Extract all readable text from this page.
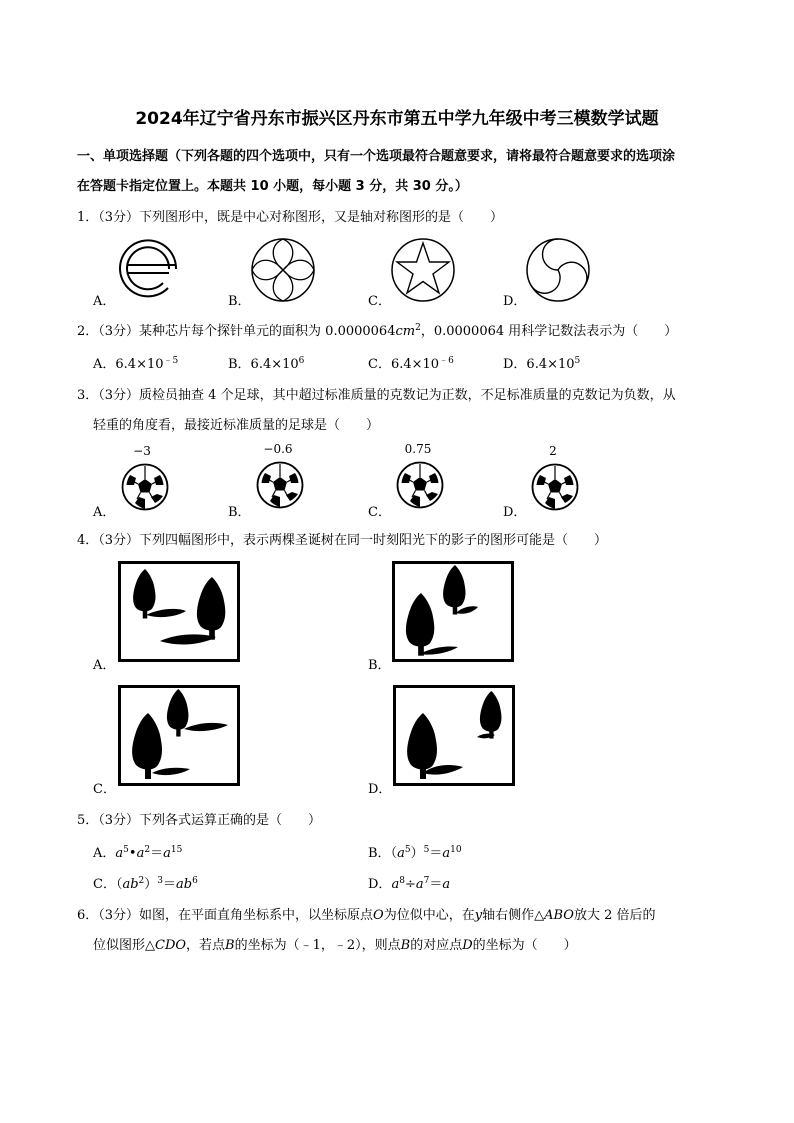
2024年辽宁省丹东市振兴区丹东市第五中学九年级中考三模数学试题
一、单项选择题（下列各题的四个选项中，只有一个选项最符合题意要求，请将最符合题意要求的选项涂
在答题卡指定位置上。本题共 10 小题，每小题 3 分，共 30 分。）
1．（3分）下列图形中，既是中心对称图形，又是轴对称图形的是（　　）
A．	B．	C．	D．
2．（3分）某种芯片每个探针单元的面积为 $0.0000064cm^2$，0.0000064 用科学记数法表示为（　　）
A．$6.4\times 10^{﹣5}$	B．$6.4\times 10^6$	C．$6.4\times 10^{﹣6}$	D．$6.4\times 10^5$
3．（3分）质检员抽查 4 个足球，其中超过标准质量的克数记为正数，不足标准质量的克数记为负数，从
轻重的角度看，最接近标准质量的足球是（　　）
A．
−3
B．
−0.6
C．
0.75
D．
2
4．（3分）下列四幅图形中，表示两棵圣诞树在同一时刻阳光下的影子的图形可能是（　　）
A．	B．
C．	D．
5．（3分）下列各式运算正确的是（　　）
A．$a^5•a^2=a^{15}$	B．$(a^5)^5=a^{10}$
C．$(ab^2)^3=ab^6$	D．$a^8\div a^7=a$
6．（3分）如图，在平面直角坐标系中，以坐标原点O为位似中心，在y轴右侧作△ABO放大 2 倍后的
位似图形△CDO，若点B的坐标为（﹣1，﹣2），则点B的对应点D的坐标为（　　）
